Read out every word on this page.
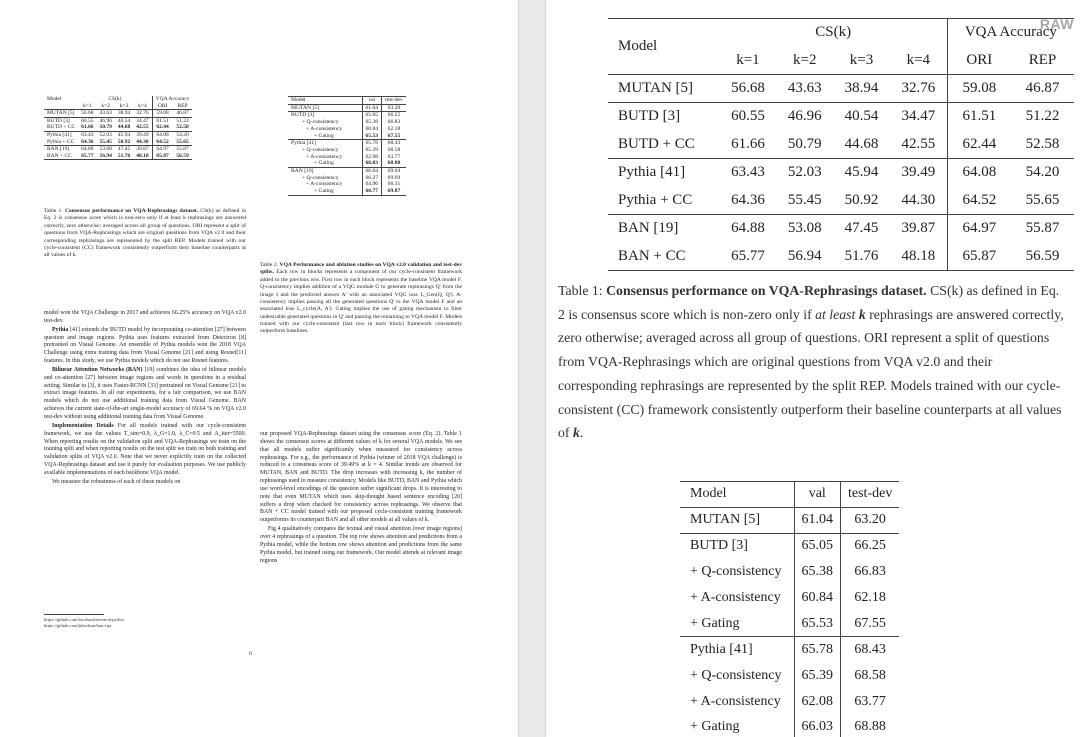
Model	CS(k)				VQA Accuracy	
	k=1	k=2	k=3	k=4	ORI	REP
MUTAN [5]	56.68	43.63	38.94	32.76	59.08	46.87
BUTD [3]	60.55	46.96	40.54	34.47	61.51	51.22
BUTD + CC	61.66	50.79	44.68	42.55	62.44	52.58
Pythia [41]	63.43	52.03	45.94	39.49	64.08	54.20
Pythia + CC	64.36	55.45	50.92	44.30	64.52	55.65
BAN [19]	64.88	53.08	47.45	39.87	64.97	55.87
BAN + CC	65.77	56.94	51.76	48.18	65.87	56.59
Table 1. Consensus performance on VQA-Rephrasings dataset. CS(k) as defined in Eq. 2 is consensus score which is non-zero only if at least k rephrasings are answered correctly, zero otherwise; averaged across all group of questions. ORI represent a split of questions from VQA-Rephrasings which are original questions from VQA v2.0 and their corresponding rephrasings are represented by the split REP. Models trained with our cycle-consistent (CC) framework consistently outperform their baseline counterparts at all values of k.
Model	val	test-dev
MUTAN [5]	61.04	63.20
BUTD [3]	65.05	66.25
+ Q-consistency	65.38	66.83
+ A-consistency	60.84	62.18
+ Gating	65.53	67.55
Pythia [41]	65.78	68.43
+ Q-consistency	65.39	68.58
+ A-consistency	62.08	63.77
+ Gating	66.03	68.88
BAN [19]	66.04	69.64
+ Q-consistency	66.27	69.69
+ A-consistency	64.96	66.31
+ Gating	66.77	69.87
Table 2. VQA Performance and ablation studies on VQA v2.0 validation and test-dev splits. Each row in blocks represents a component of our cycle-consistent framework added to the previous row. First row in each block represents the baseline VQA model F. Q-consistency implies addition of a VQG module G to generate rephrasings Q' from the image I and the predicted answer A' with an associated VQG loss L_Gen(Q, Q'). A-consistency implies passing all the generated questions Q' to the VQA model F and an associated loss L_cycle(A, A'). Gating implies the use of gating mechanism to filter undesirable generated questions in Q' and passing the remaining to VQA model F. Models trained with our cycle-consistent (last row in each block) framework consistently outperform baselines.

model won the VQA Challenge in 2017 and achieves 66.25% accuracy on VQA v2.0 test-dev.

Pythia [41] extends the BUTD model by incorporating co-attention [27] between question and image regions. Pythia uses features extracted from Detectron [8] pretrained on Visual Genome. An ensemble of Pythia models won the 2018 VQA Challenge using extra training data from Visual Genome [21] and using Resnet[11] features. In this study, we use Pythia models which do not use Resnet features.

Bilinear Attention Networks (BAN) [19] combines the idea of bilinear models and co-attention [27] between image regions and words in questions in a residual setting. Similar to [3], it uses Faster-RCNN [33] pretrained on Visual Genome [21] to extract image features. In all our experiments, for a fair comparison, we use BAN models which do not use additional training data from Visual Genome. BAN achieves the current state-of-the-art single-model accuracy of 69.64 % on VQA v2.0 test-dev without using additional training data from Visual Genome.

Implementation Details For all models trained with our cycle-consistent framework, we use the values T_sim=0.9, λ_G=1.0, λ_C=0.5 and A_iter=5500. When reporting results on the validation split and VQA-Rephrasings we train on the training split and when reporting results on the test split we train on both training and validation splits of VQA v2.0. Note that we never explicitly train on the collected VQA-Rephrasings dataset and use it purely for evaluation purposes. We use publicly available implementations of each backbone VQA model.

We measure the robustness of each of these models on

https://github.com/facebookresearch/pythia
https://github.com/jnhwkim/ban-vqa

our proposed VQA-Rephrasings dataset using the consensus score (Eq. 2). Table 1 shows the consensus scores at different values of k for several VQA models. We see that all models suffer significantly when measured for consistency across rephrasings. For e.g., the performance of Pythia (winner of 2018 VQA challenge) is reduced to a consensus score of 39.49% at k = 4. Similar trends are observed for MUTAN, BAN and BUTD. The drop increases with increasing k, the number of rephrasings used to measure consistency. Models like BUTD, BAN and Pythia which use word-level encodings of the question suffer significant drops. It is interesting to note that even MUTAN which uses skip-thought based sentence encoding [20] suffers a drop when checked for consistency across rephrasings. We observe that BAN + CC model trained with our proposed cycle-consistent training framework outperforms its counterpart BAN and all other models at all values of k.

Fig 4 qualitatively compares the textual and visual attention (over image regions) over 4 rephrasings of a question. The top row shows attention and predictions from a Pythia model, while the bottom row shows attention and predictions from the same Pythia model, but trained using our framework. Our model attends at relevant image regions

6
RAW
Model	CS(k)				VQA Accuracy	
	k=1	k=2	k=3	k=4	ORI	REP
MUTAN [5]	56.68	43.63	38.94	32.76	59.08	46.87
BUTD [3]	60.55	46.96	40.54	34.47	61.51	51.22
BUTD + CC	61.66	50.79	44.68	42.55	62.44	52.58
Pythia [41]	63.43	52.03	45.94	39.49	64.08	54.20
Pythia + CC	64.36	55.45	50.92	44.30	64.52	55.65
BAN [19]	64.88	53.08	47.45	39.87	64.97	55.87
BAN + CC	65.77	56.94	51.76	48.18	65.87	56.59
Table 1: Consensus performance on VQA-Rephrasings dataset. CS(k) as defined in Eq. 2 is consensus score which is non-zero only if at least k rephrasings are answered correctly, zero otherwise; averaged across all group of questions. ORI represent a split of questions from VQA-Rephrasings which are original questions from VQA v2.0 and their corresponding rephrasings are represented by the split REP. Models trained with our cycle-consistent (CC) framework consistently outperform their baseline counterparts at all values of k.
Model	val	test-dev
MUTAN [5]	61.04	63.20
BUTD [3]	65.05	66.25
+ Q-consistency	65.38	66.83
+ A-consistency	60.84	62.18
+ Gating	65.53	67.55
Pythia [41]	65.78	68.43
+ Q-consistency	65.39	68.58
+ A-consistency	62.08	63.77
+ Gating	66.03	68.88
